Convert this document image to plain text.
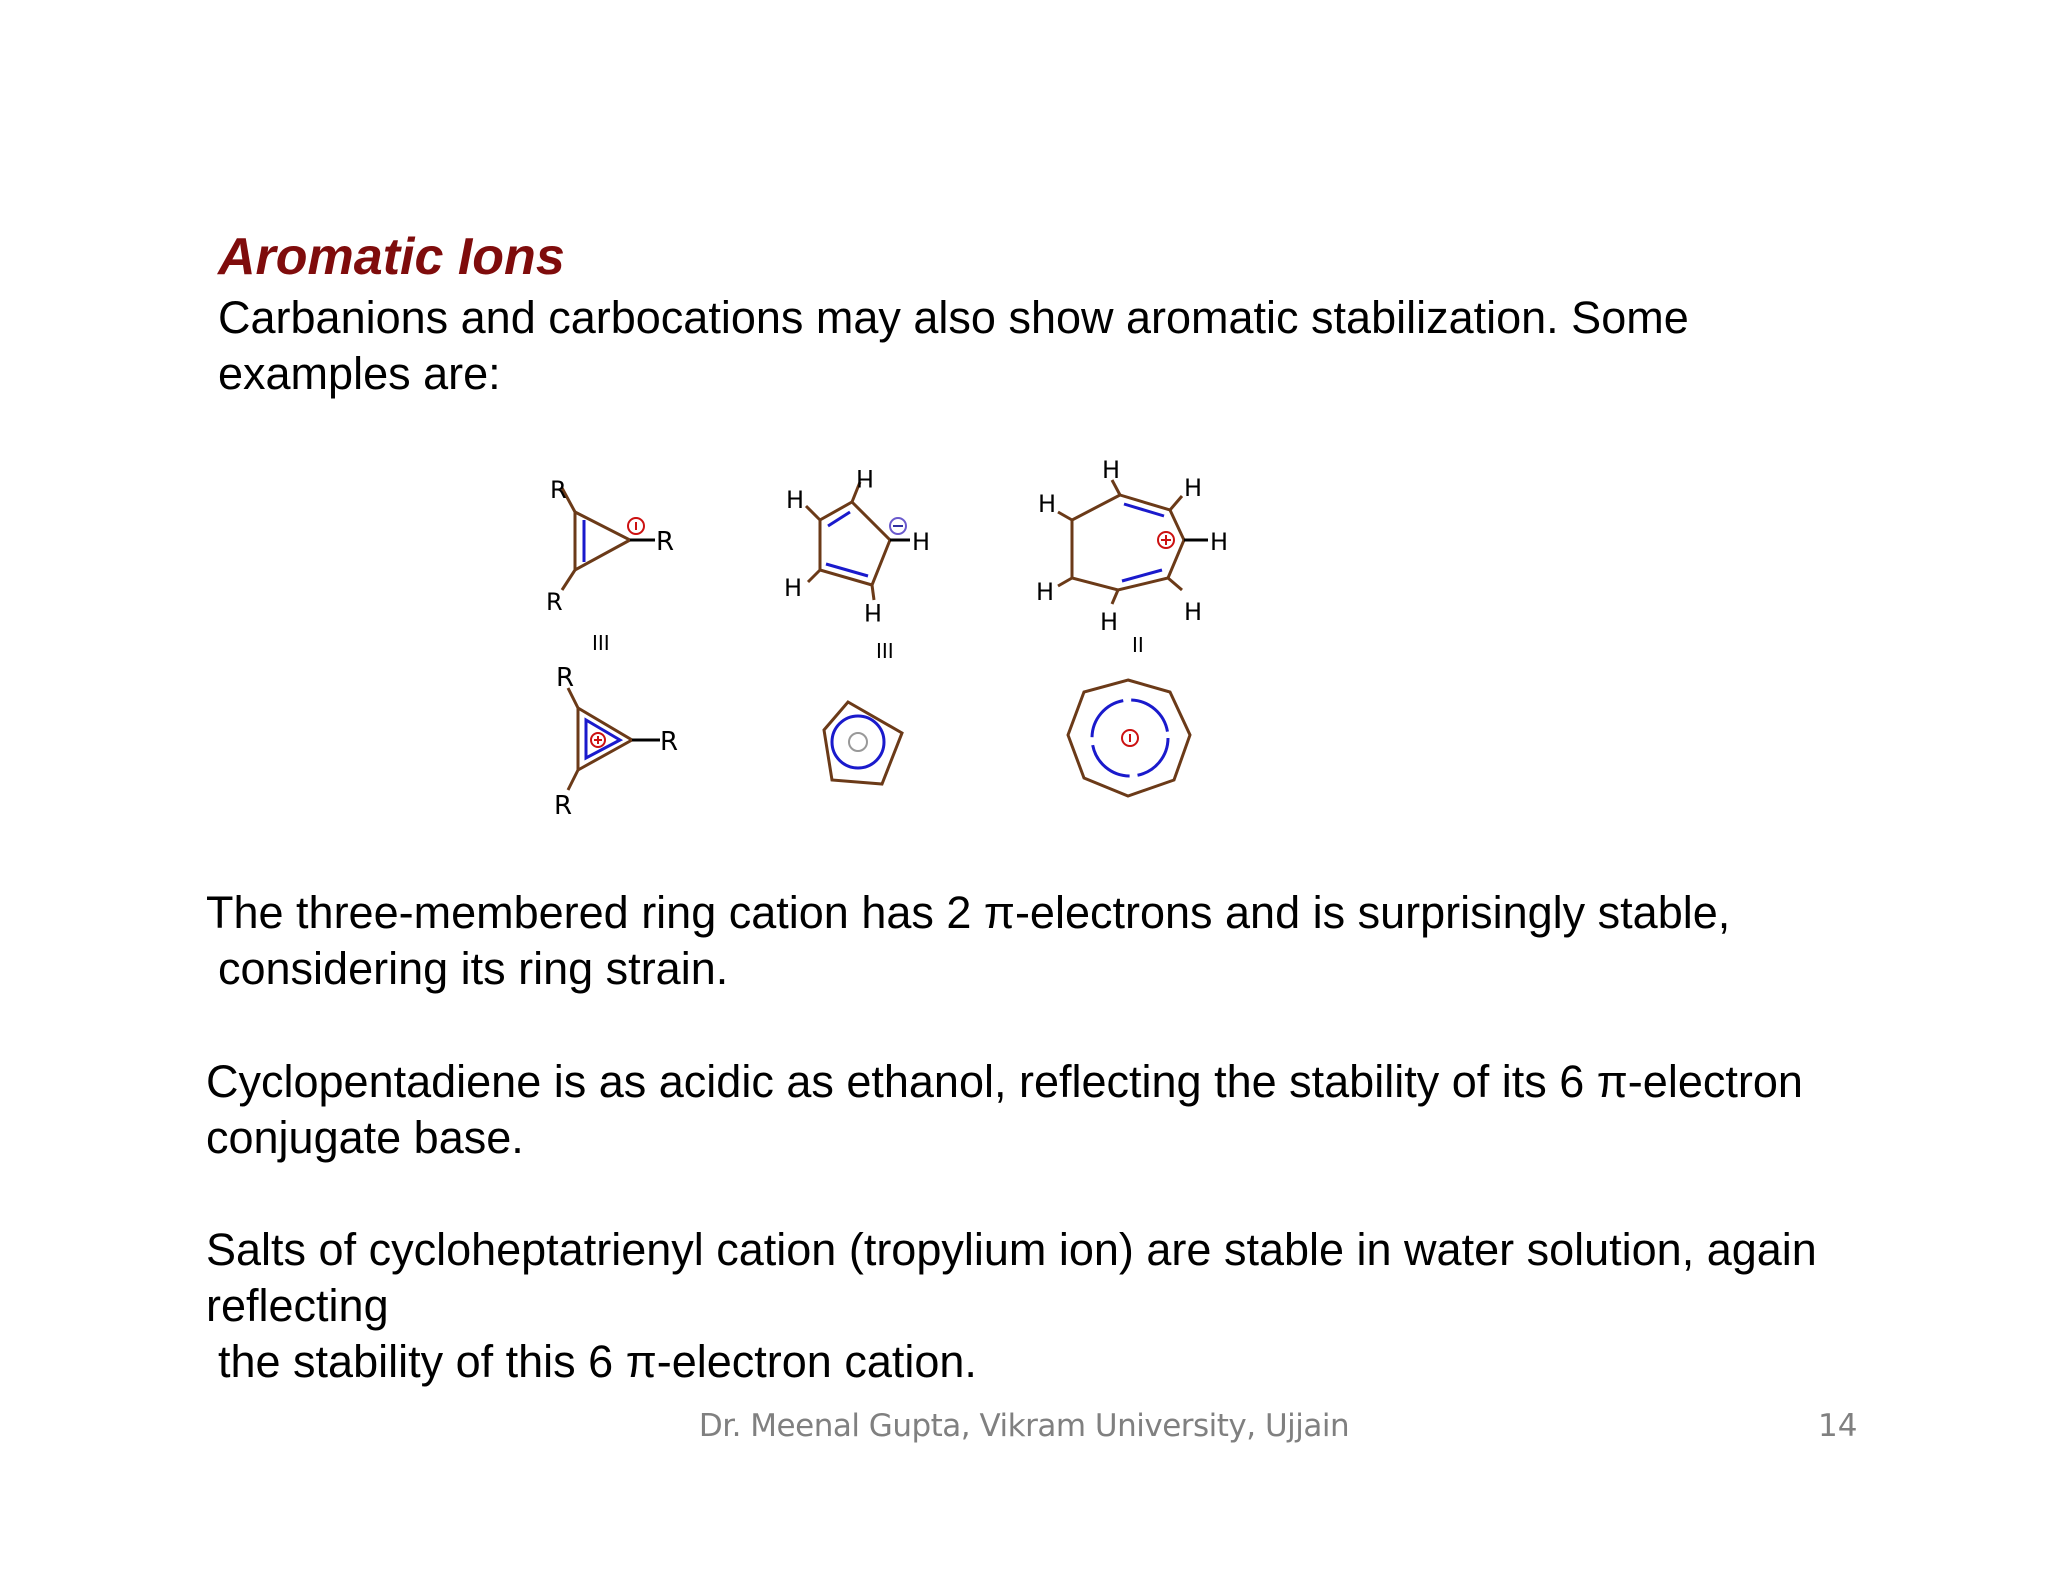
Aromatic Ions
Carbanions and carbocations may also show aromatic stabilization. Some
examples are:
R
R
R
III
R
R
R
H
H
H
H
H
III
H
H
H
H
H
H
H
II
The three-membered ring cation has 2 π-electrons and is surprisingly stable,
considering its ring strain.
Cyclopentadiene is as acidic as ethanol, reflecting the stability of its 6 π-electron
conjugate base.
Salts of cycloheptatrienyl cation (tropylium ion) are stable in water solution, again
reflecting
the stability of this 6 π-electron cation.
Dr. Meenal Gupta, Vikram University, Ujjain	14
